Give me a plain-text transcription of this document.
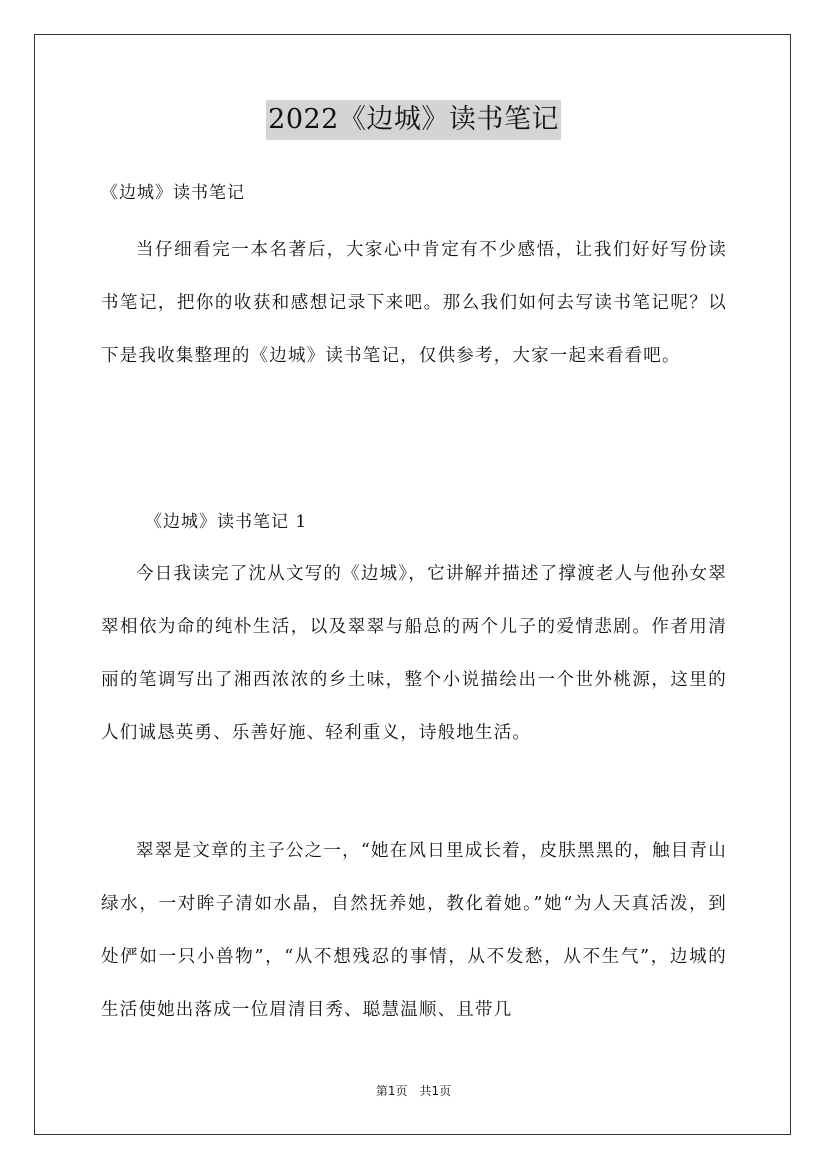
2022《边城》读书笔记
《边城》读书笔记

当仔细看完一本名著后，大家心中肯定有不少感悟，让我们好好写份读书笔记，把你的收获和感想记录下来吧。那么我们如何去写读书笔记呢？以下是我收集整理的《边城》读书笔记，仅供参考，大家一起来看看吧。

《边城》读书笔记 1

今日我读完了沈从文写的《边城》，它讲解并描述了撑渡老人与他孙女翠翠相依为命的纯朴生活，以及翠翠与船总的两个儿子的爱情悲剧。作者用清丽的笔调写出了湘西浓浓的乡土味，整个小说描绘出一个世外桃源，这里的人们诚恳英勇、乐善好施、轻利重义，诗般地生活。

翠翠是文章的主子公之一，“她在风日里成长着，皮肤黑黑的，触目青山绿水，一对眸子清如水晶，自然抚养她，教化着她。”她“为人天真活泼，到处俨如一只小兽物”，“从不想残忍的事情，从不发愁，从不生气”，边城的生活使她出落成一位眉清目秀、聪慧温顺、且带几

第1页　共1页
